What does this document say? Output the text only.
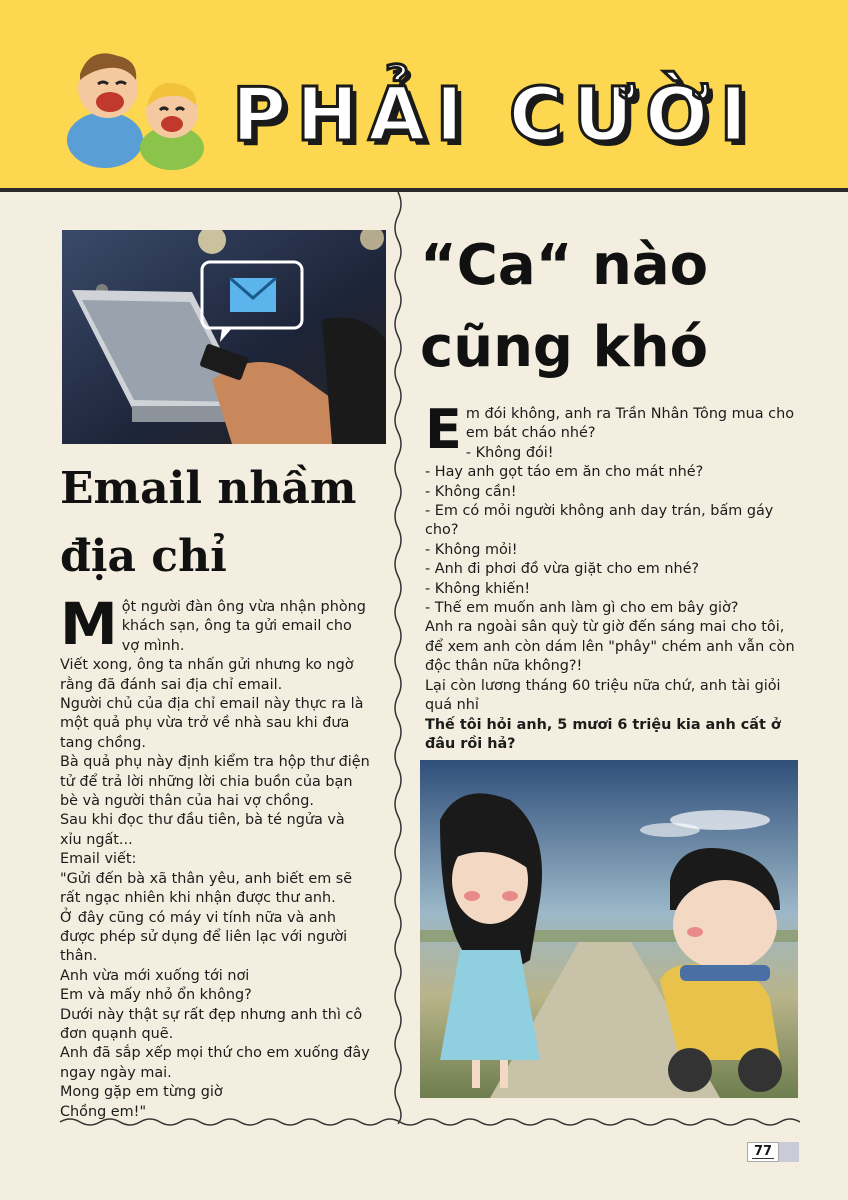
PHẢI CƯỜI
Email nhầm địa chỉ

Một người đàn ông vừa nhận phòng khách sạn, ông ta gửi email cho vợ mình.

Viết xong, ông ta nhấn gửi nhưng ko ngờ rằng đã đánh sai địa chỉ email.

Người chủ của địa chỉ email này thực ra là một quả phụ vừa trở về nhà sau khi đưa tang chồng.

Bà quả phụ này định kiểm tra hộp thư điện tử để trả lời những lời chia buồn của bạn bè và người thân của hai vợ chồng.

Sau khi đọc thư đầu tiên, bà té ngửa và xỉu ngất...

Email viết:

"Gửi đến bà xã thân yêu, anh biết em sẽ rất ngạc nhiên khi nhận được thư anh.

Ở đây cũng có máy vi tính nữa và anh được phép sử dụng để liên lạc với người thân.

Anh vừa mới xuống tới nơi

Em và mấy nhỏ ổn không?

Dưới này thật sự rất đẹp nhưng anh thì cô đơn quạnh quẽ.

Anh đã sắp xếp mọi thứ cho em xuống đây ngay ngày mai.

Mong gặp em từng giờ

Chồng em!"

“Ca“ nào
cũng khó

Em đói không, anh ra Trần Nhân Tông mua cho em bát cháo nhé?

- Không đói!

- Hay anh gọt táo em ăn cho mát nhé?

- Không cần!

- Em có mỏi người không anh day trán, bấm gáy cho?

- Không mỏi!

- Anh đi phơi đồ vừa giặt cho em nhé?

- Không khiến!

- Thế em muốn anh làm gì cho em bây giờ?

Anh ra ngoài sân quỳ từ giờ đến sáng mai cho tôi, để xem anh còn dám lên "phây" chém anh vẫn còn độc thân nữa không?!

Lại còn lương tháng 60 triệu nữa chứ, anh tài giỏi quá nhỉ

Thế tôi hỏi anh, 5 mươi 6 triệu kia anh cất ở đâu rồi hả?

77
